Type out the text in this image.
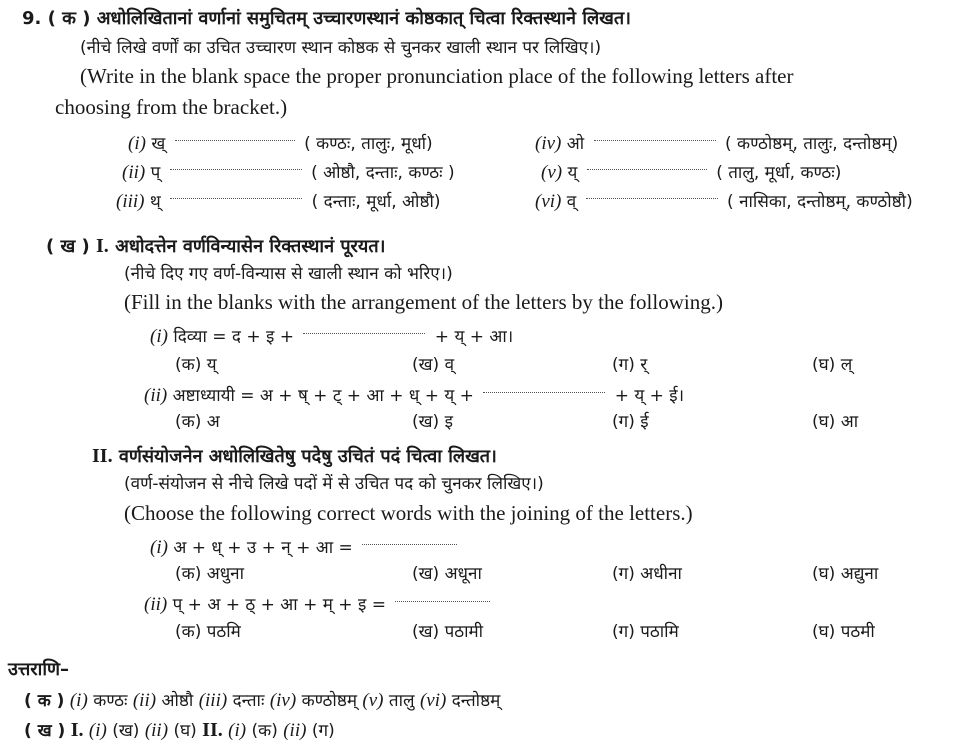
9. ( क ) अधोलिखितानां वर्णानां समुचितम् उच्चारणस्थानं कोष्ठकात् चित्वा रिक्तस्थाने लिखत।
(नीचे लिखे वर्णों का उचित उच्चारण स्थान कोष्ठक से चुनकर खाली स्थान पर लिखिए।)
(Write in the blank space the proper pronunciation place of the following letters after
choosing from the bracket.)
(i) ख्	( कण्ठः, तालुः, मूर्धा)
(ii) प्	( ओष्ठौ, दन्ताः, कण्ठः )
(iii) थ्	( दन्ताः, मूर्धा, ओष्ठौ)
(iv) ओ	( कण्ठोष्ठम्, तालुः, दन्तोष्ठम्)
(v) य्	( तालु, मूर्धा, कण्ठः)
(vi) व्	( नासिका, दन्तोष्ठम्, कण्ठोष्ठौ)
( ख ) I. अधोदत्तेन वर्णविन्यासेन रिक्तस्थानं पूरयत।
(नीचे दिए गए वर्ण-विन्यास से खाली स्थान को भरिए।)
(Fill in the blanks with the arrangement of the letters by the following.)
(i) दिव्या = द + इ +	+ य् + आ।
(क) य्	(ख) व्	(ग) र्	(घ) ल्
(ii) अष्टाध्यायी = अ + ष् + ट् + आ + ध् + य् +	+ य् + ई।
(क) अ	(ख) इ	(ग) ई	(घ) आ
II. वर्णसंयोजनेन अधोलिखितेषु पदेषु उचितं पदं चित्वा लिखत।
(वर्ण-संयोजन से नीचे लिखे पदों में से उचित पद को चुनकर लिखिए।)
(Choose the following correct words with the joining of the letters.)
(i) अ + ध् + उ + न् + आ =
(क) अधुना	(ख) अधूना	(ग) अधीना	(घ) अद्युना
(ii) प् + अ + ठ् + आ + म् + इ =
(क) पठमि	(ख) पठामी	(ग) पठामि	(घ) पठमी
उत्तराणि–
( क ) (i) कण्ठः (ii) ओष्ठौ (iii) दन्ताः (iv) कण्ठोष्ठम् (v) तालु (vi) दन्तोष्ठम्
( ख ) I. (i) (ख) (ii) (घ) II. (i) (क) (ii) (ग)
